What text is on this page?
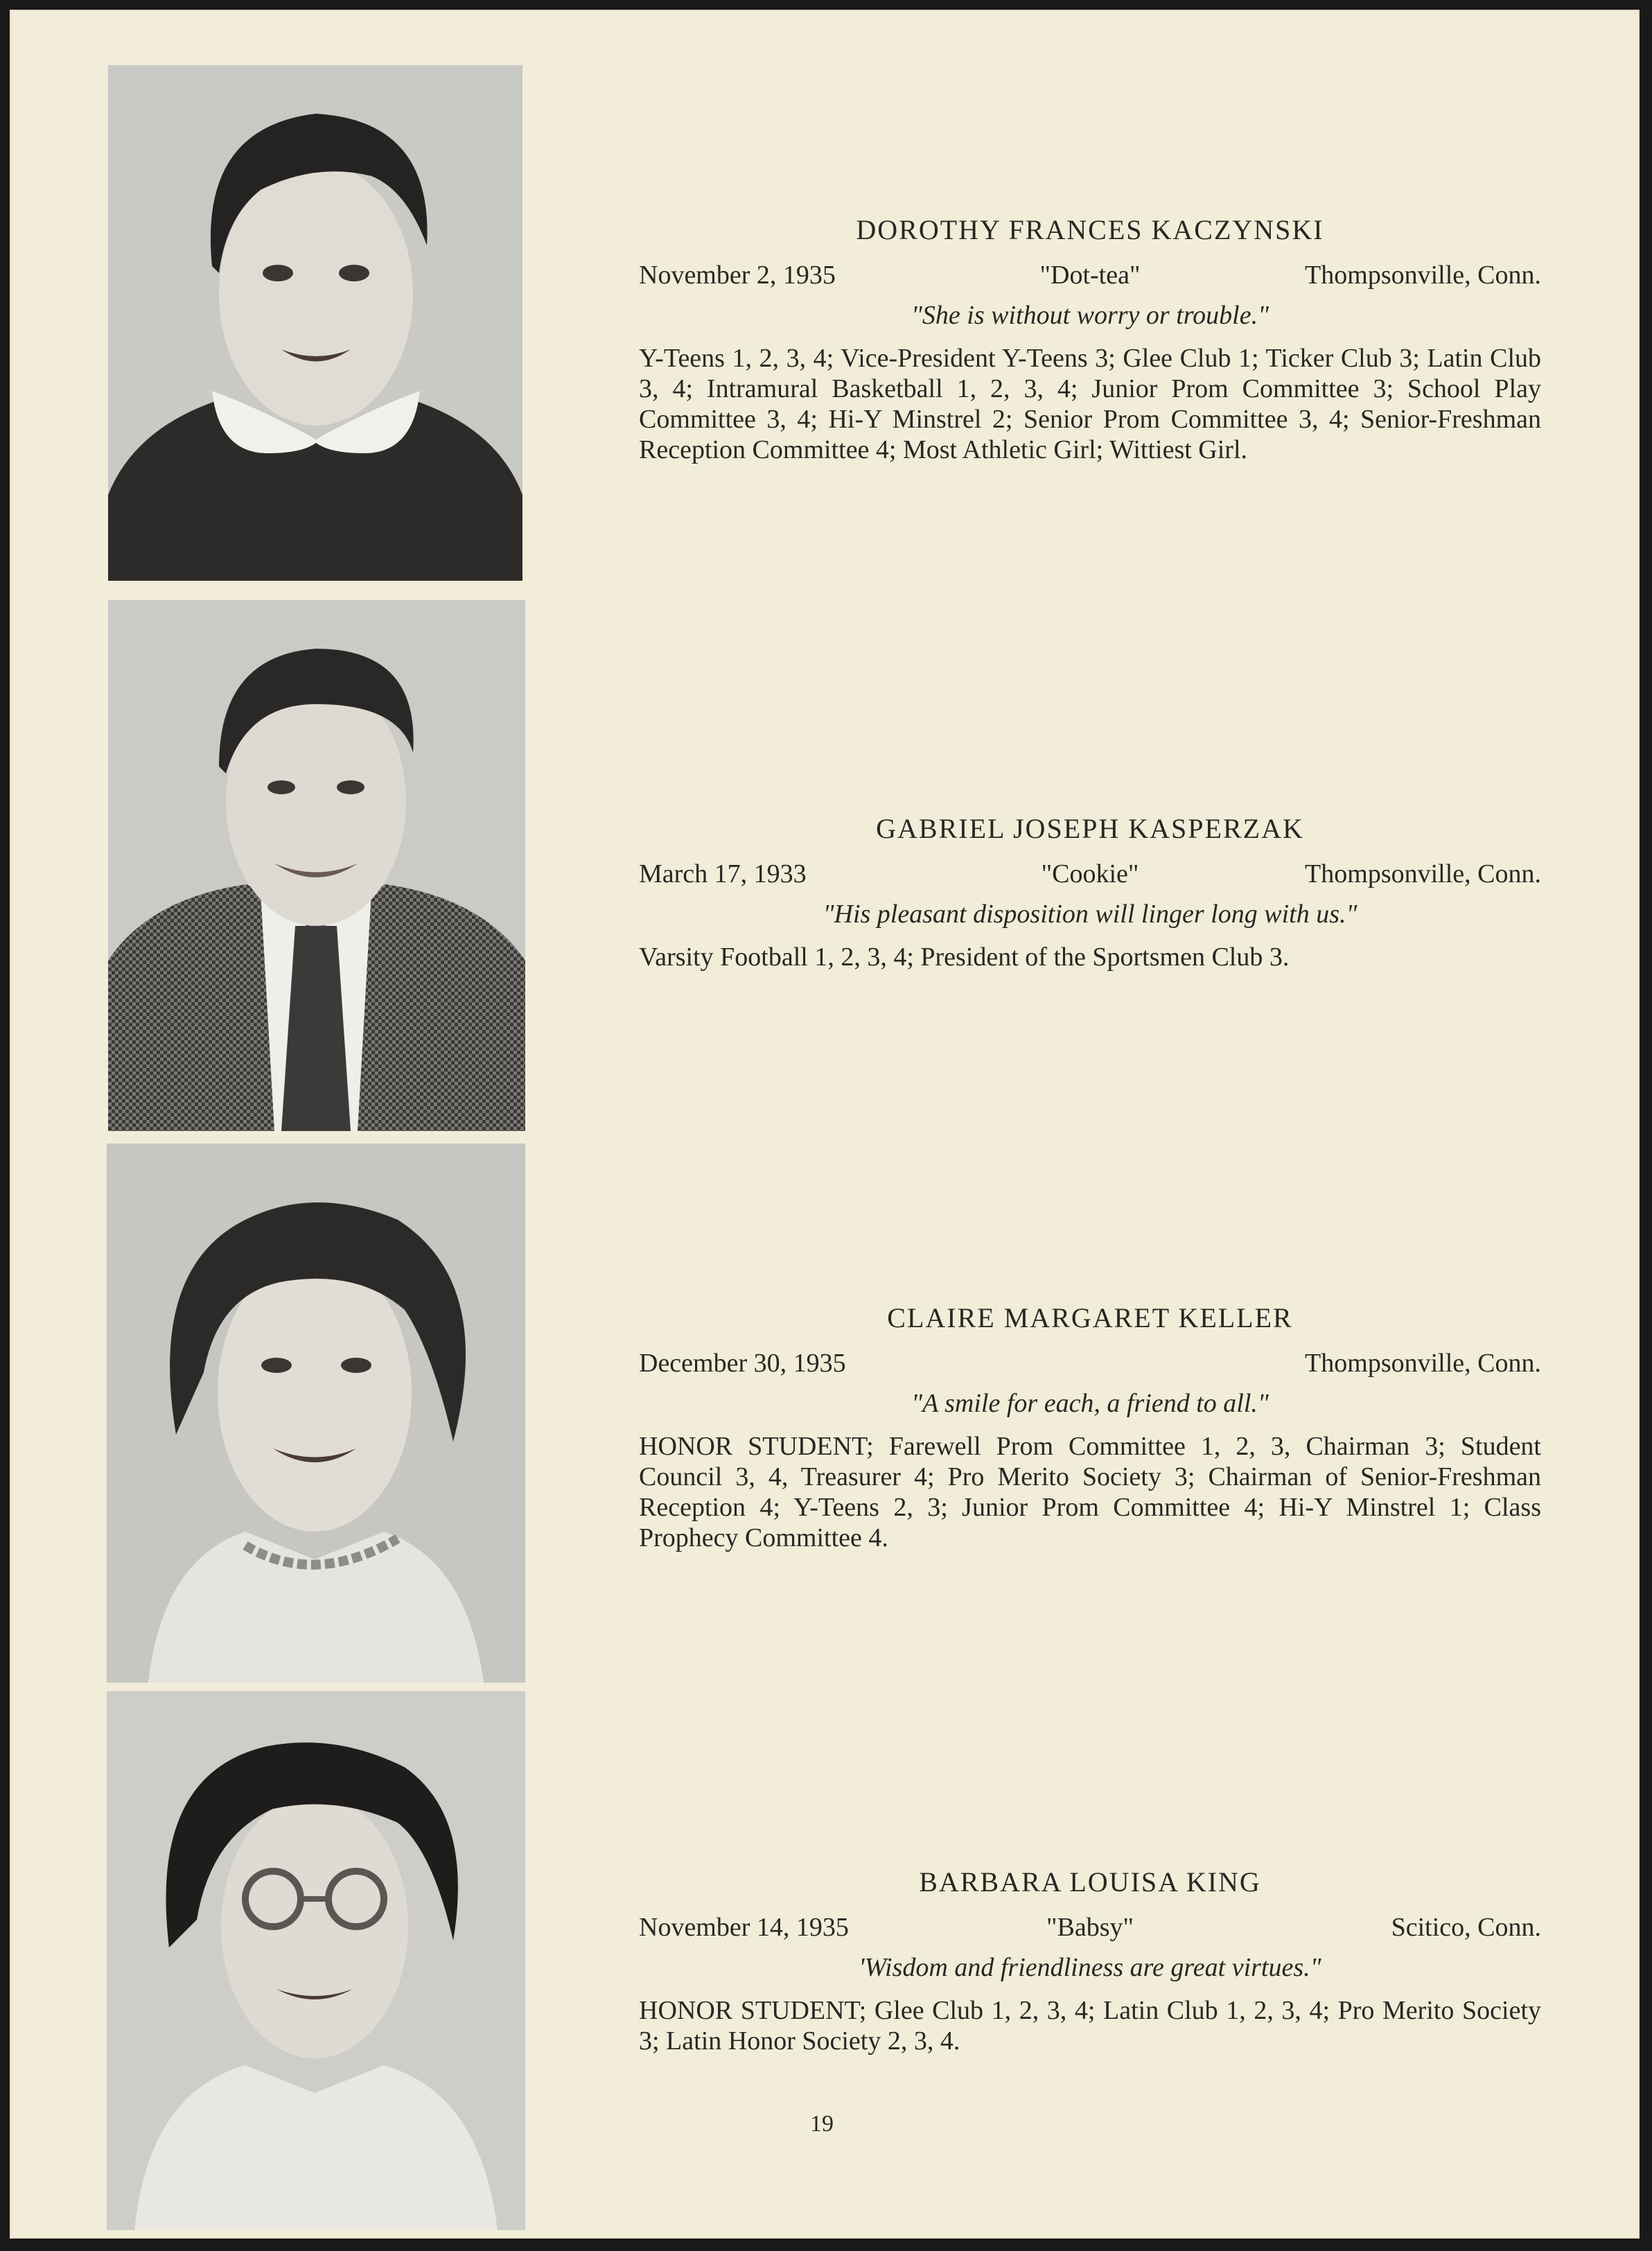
DOROTHY FRANCES KACZYNSKI
November 2, 1935	"Dot-tea"	Thompsonville, Conn.
"She is without worry or trouble."
Y-Teens 1, 2, 3, 4; Vice-President Y-Teens 3; Glee Club 1; Ticker Club 3; Latin Club 3, 4; Intramural Basketball 1, 2, 3, 4; Junior Prom Committee 3; School Play Committee 3, 4; Hi-Y Minstrel 2; Senior Prom Committee 3, 4; Senior-Freshman Reception Committee 4; Most Athletic Girl; Wittiest Girl.
GABRIEL JOSEPH KASPERZAK
March 17, 1933	"Cookie"	Thompsonville, Conn.
"His pleasant disposition will linger long with us."
Varsity Football 1, 2, 3, 4; President of the Sportsmen Club 3.
CLAIRE MARGARET KELLER
December 30, 1935	Thompsonville, Conn.
"A smile for each, a friend to all."
HONOR STUDENT; Farewell Prom Committee 1, 2, 3, Chairman 3; Student Council 3, 4, Treasurer 4; Pro Merito Society 3; Chairman of Senior-Freshman Reception 4; Y-Teens 2, 3; Junior Prom Committee 4; Hi-Y Minstrel 1; Class Prophecy Committee 4.
BARBARA LOUISA KING
November 14, 1935	"Babsy"	Scitico, Conn.
'Wisdom and friendliness are great virtues."
HONOR STUDENT; Glee Club 1, 2, 3, 4; Latin Club 1, 2, 3, 4; Pro Merito Society 3; Latin Honor Society 2, 3, 4.
19
